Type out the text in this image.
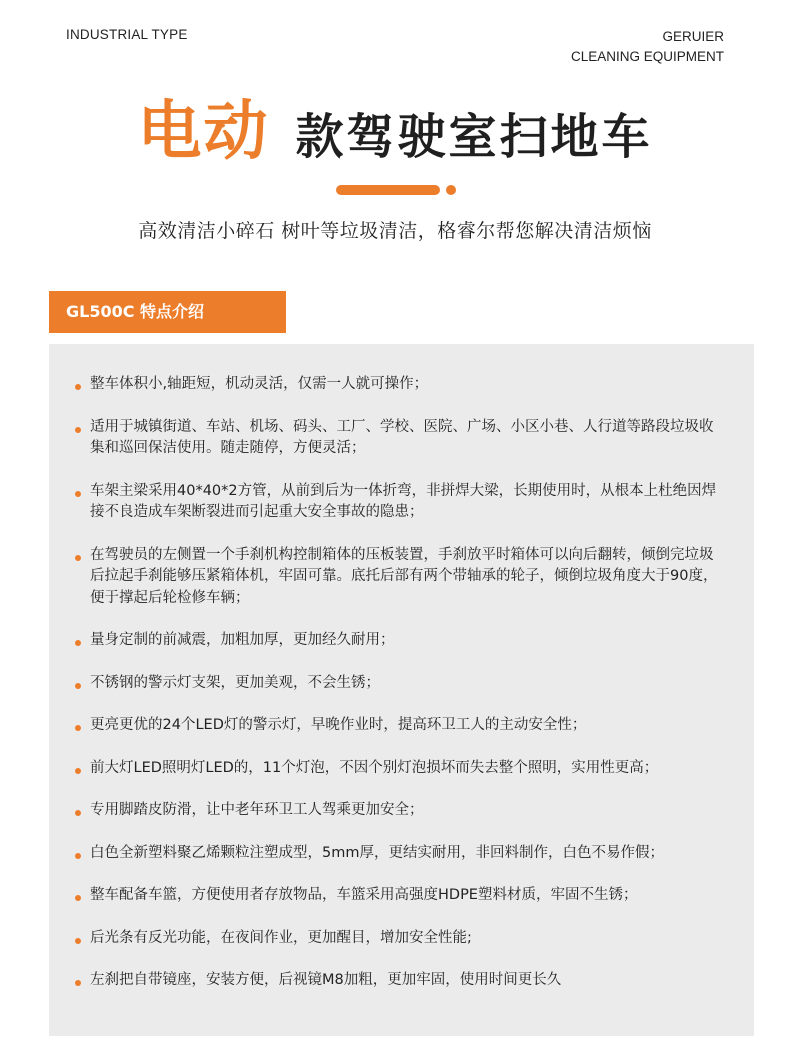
INDUSTRIAL TYPE	GERUIER
CLEANING EQUIPMENT
电动 款驾驶室扫地车
高效清洁小碎石 树叶等垃圾清洁，格睿尔帮您解决清洁烦恼
GL500C 特点介绍
整车体积小,轴距短，机动灵活，仅需一人就可操作；
适用于城镇街道、车站、机场、码头、工厂、学校、医院、广场、小区小巷、人行道等路段垃圾收集和巡回保洁使用。随走随停，方便灵活；
车架主梁采用40*40*2方管，从前到后为一体折弯，非拼焊大梁，长期使用时，从根本上杜绝因焊接不良造成车架断裂进而引起重大安全事故的隐患；
在驾驶员的左侧置一个手刹机构控制箱体的压板装置，手刹放平时箱体可以向后翻转，倾倒完垃圾后拉起手刹能够压紧箱体机，牢固可靠。底托后部有两个带轴承的轮子，倾倒垃圾角度大于90度，便于撑起后轮检修车辆；
量身定制的前减震，加粗加厚，更加经久耐用；
不锈钢的警示灯支架，更加美观，不会生锈；
更亮更优的24个LED灯的警示灯，早晚作业时，提高环卫工人的主动安全性；
前大灯LED照明灯LED的，11个灯泡，不因个别灯泡损坏而失去整个照明，实用性更高；
专用脚踏皮防滑，让中老年环卫工人驾乘更加安全；
白色全新塑料聚乙烯颗粒注塑成型，5mm厚，更结实耐用，非回料制作，白色不易作假；
整车配备车篮，方便使用者存放物品，车篮采用高强度HDPE塑料材质，牢固不生锈；
后光条有反光功能，在夜间作业，更加醒目，增加安全性能;
左刹把自带镜座，安装方便，后视镜M8加粗，更加牢固，使用时间更长久
